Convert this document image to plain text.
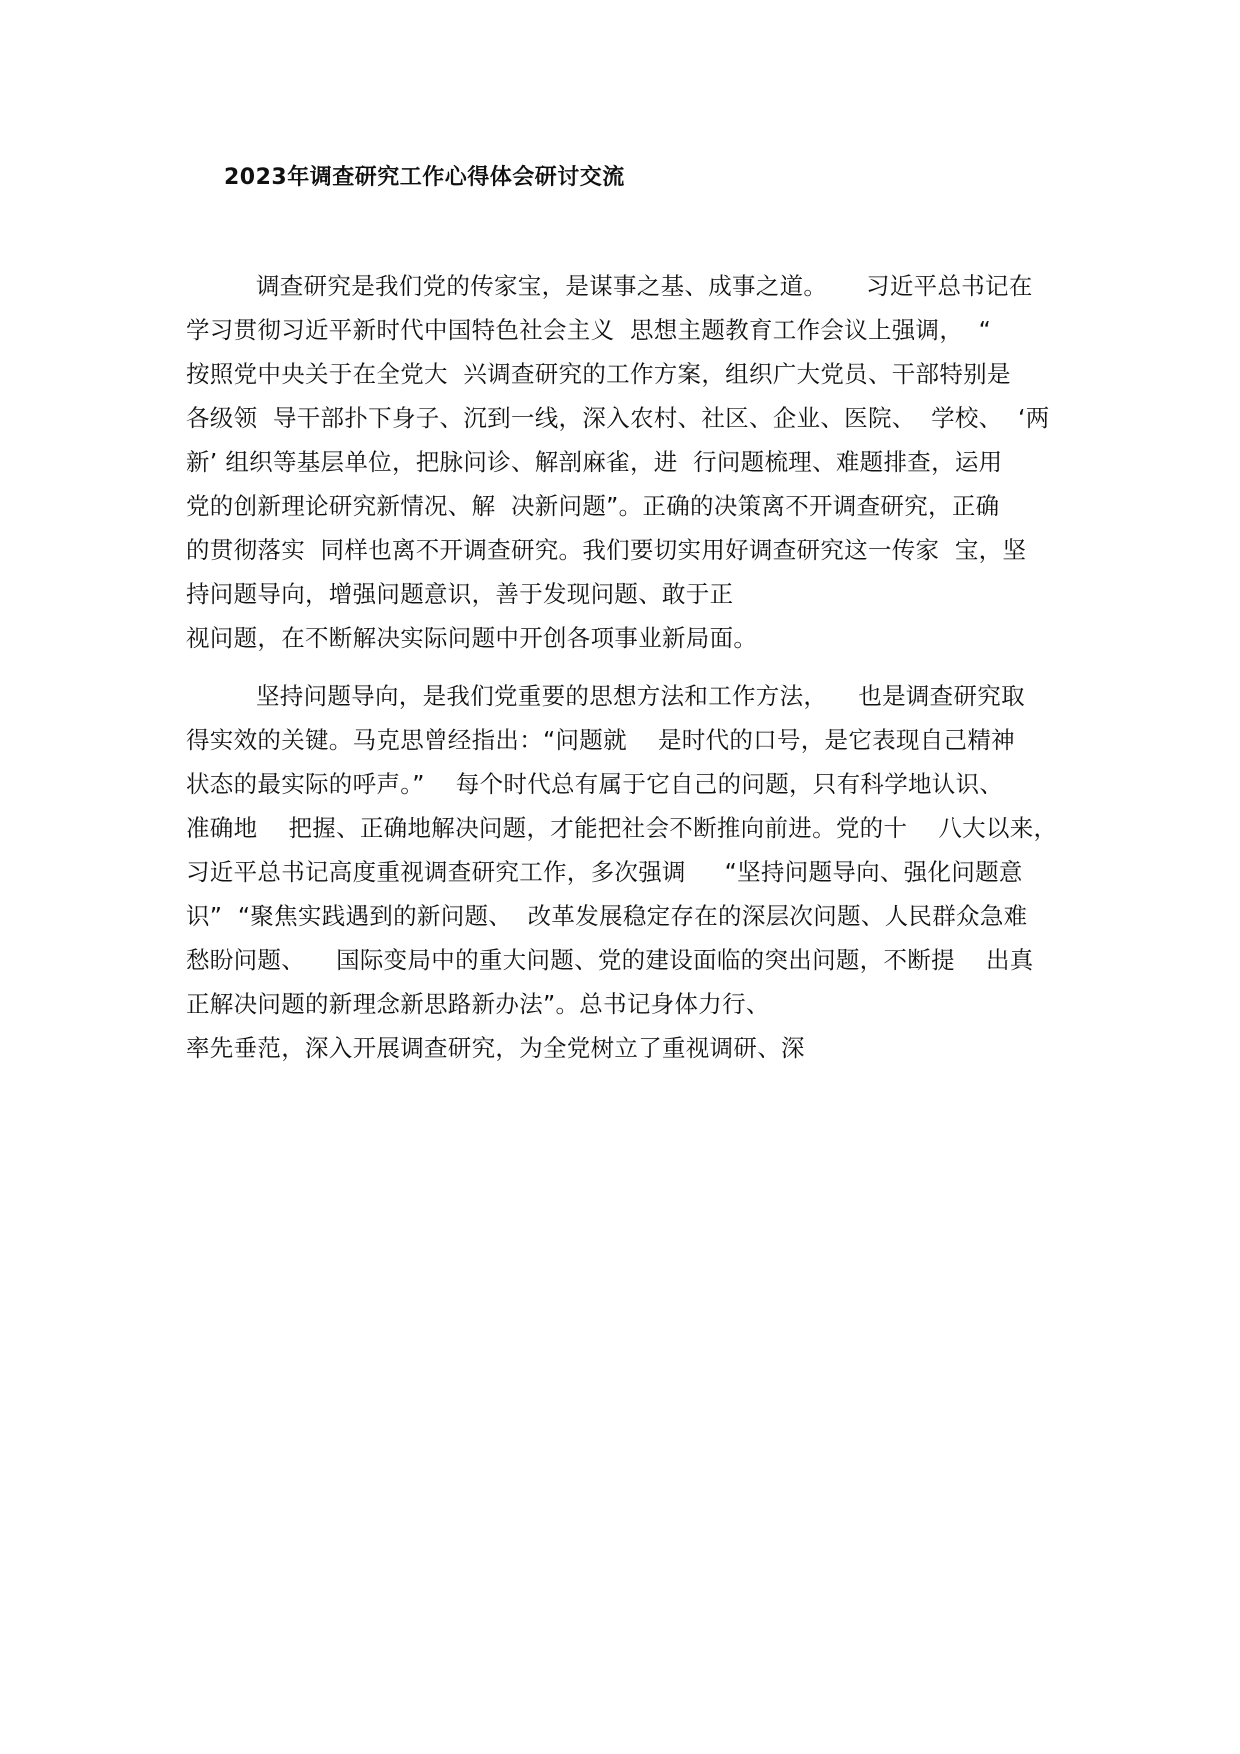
2023年调查研究工作心得体会研讨交流
调查研究是我们党的传家宝，是谋事之基、成事之道。     习近平总书记在
学习贯彻习近平新时代中国特色社会主义  思想主题教育工作会议上强调，  “
按照党中央关于在全党大  兴调查研究的工作方案，组织广大党员、干部特别是
各级领  导干部扑下身子、沉到一线，深入农村、社区、企业、医院、  学校、  ‘两
新’ 组织等基层单位，把脉问诊、解剖麻雀，进  行问题梳理、难题排查，运用
党的创新理论研究新情况、解  决新问题”。正确的决策离不开调查研究，正确
的贯彻落实  同样也离不开调查研究。我们要切实用好调查研究这一传家  宝，坚
持问题导向，增强问题意识，善于发现问题、敢于正
视问题，在不断解决实际问题中开创各项事业新局面。
坚持问题导向，是我们党重要的思想方法和工作方法，    也是调查研究取
得实效的关键。马克思曾经指出：“问题就    是时代的口号，是它表现自己精神
状态的最实际的呼声。”    每个时代总有属于它自己的问题，只有科学地认识、
准确地    把握、正确地解决问题，才能把社会不断推向前进。党的十    八大以来，
习近平总书记高度重视调查研究工作，多次强调     “坚持问题导向、强化问题意
识”  “聚焦实践遇到的新问题、  改革发展稳定存在的深层次问题、人民群众急难
愁盼问题、    国际变局中的重大问题、党的建设面临的突出问题，不断提    出真
正解决问题的新理念新思路新办法”。总书记身体力行、
率先垂范，深入开展调查研究，为全党树立了重视调研、深
